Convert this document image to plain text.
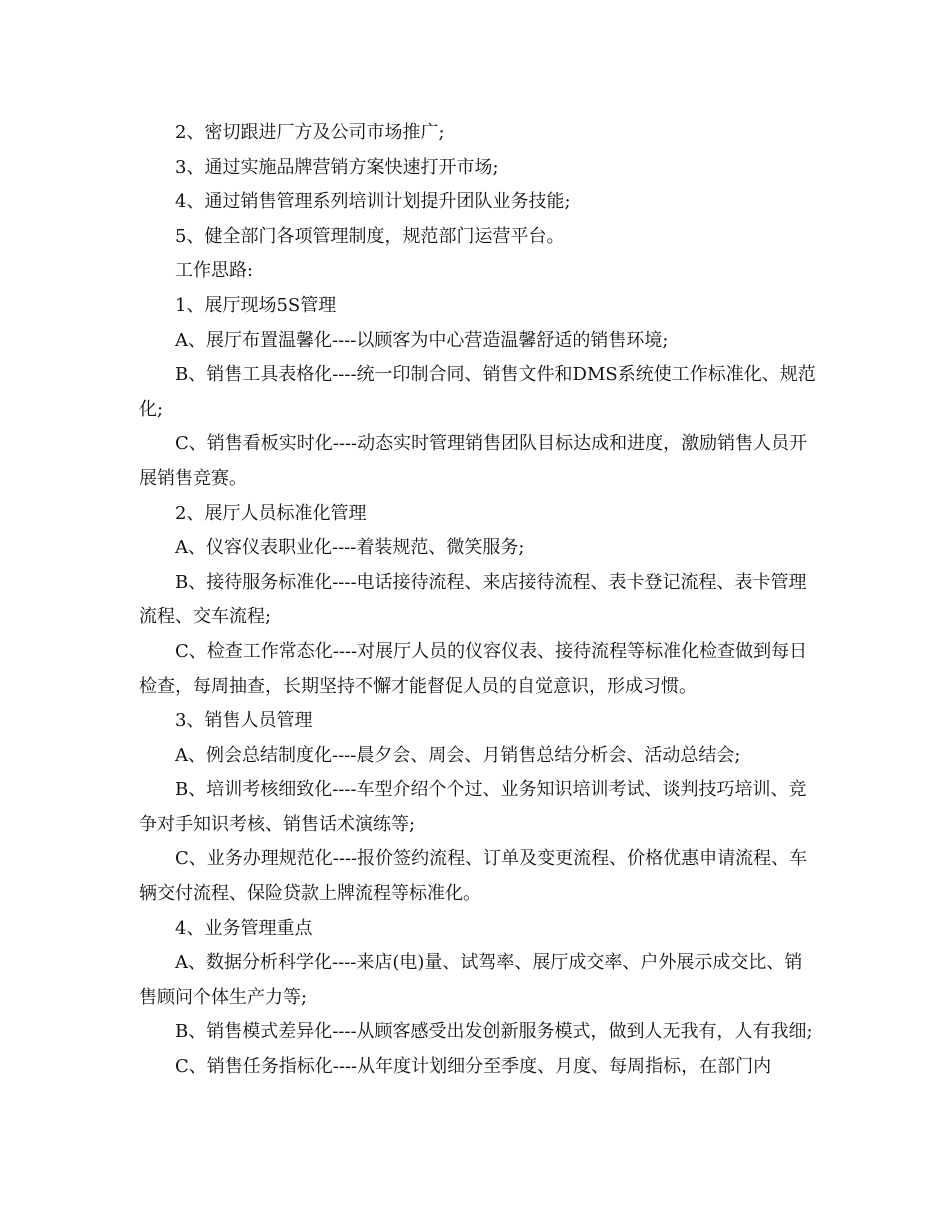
2、密切跟进厂方及公司市场推广;

3、通过实施品牌营销方案快速打开市场;

4、通过销售管理系列培训计划提升团队业务技能;

5、健全部门各项管理制度，规范部门运营平台。

工作思路:

1、展厅现场5S管理

A、展厅布置温馨化----以顾客为中心营造温馨舒适的销售环境;

B、销售工具表格化----统一印制合同、销售文件和DMS系统使工作标准化、规范化;

C、销售看板实时化----动态实时管理销售团队目标达成和进度，激励销售人员开展销售竞赛。

2、展厅人员标准化管理

A、仪容仪表职业化----着装规范、微笑服务;

B、接待服务标准化----电话接待流程、来店接待流程、表卡登记流程、表卡管理流程、交车流程;

C、检查工作常态化----对展厅人员的仪容仪表、接待流程等标准化检查做到每日检查，每周抽查，长期坚持不懈才能督促人员的自觉意识，形成习惯。

3、销售人员管理

A、例会总结制度化----晨夕会、周会、月销售总结分析会、活动总结会;

B、培训考核细致化----车型介绍个个过、业务知识培训考试、谈判技巧培训、竞争对手知识考核、销售话术演练等;

C、业务办理规范化----报价签约流程、订单及变更流程、价格优惠申请流程、车辆交付流程、保险贷款上牌流程等标准化。

4、业务管理重点

A、数据分析科学化----来店(电)量、试驾率、展厅成交率、户外展示成交比、销售顾问个体生产力等;

B、销售模式差异化----从顾客感受出发创新服务模式，做到人无我有，人有我细;

C、销售任务指标化----从年度计划细分至季度、月度、每周指标，在部门内
